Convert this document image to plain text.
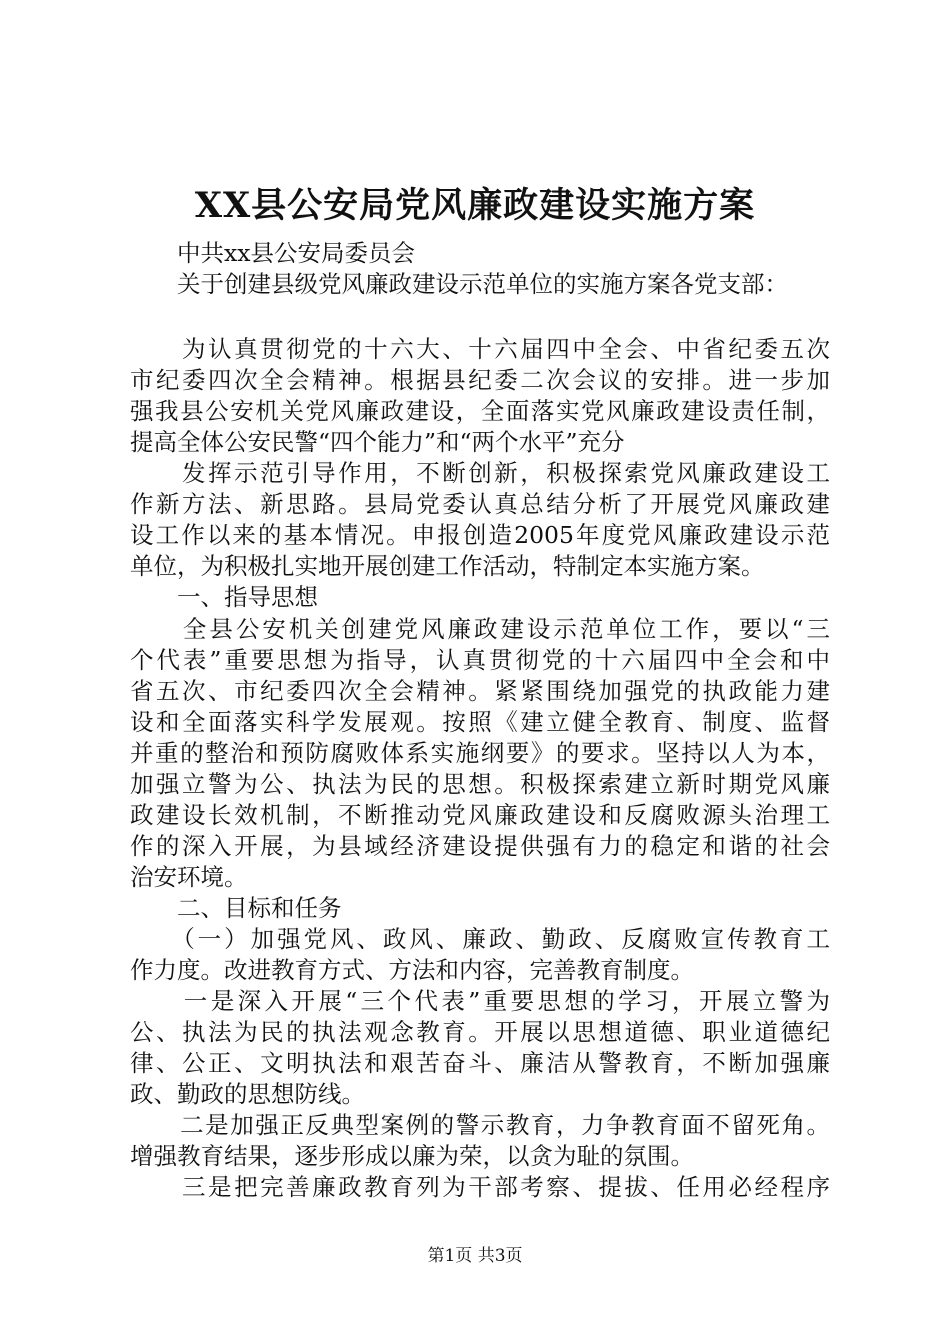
XX县公安局党风廉政建设实施方案
　　中共xx县公安局委员会
　　关于创建县级党风廉政建设示范单位的实施方案各党支部：
　　为认真贯彻党的十六大、十六届四中全会、中省纪委五次
市纪委四次全会精神。根据县纪委二次会议的安排。进一步加
强我县公安机关党风廉政建设，全面落实党风廉政建设责任制，
提高全体公安民警“四个能力”和“两个水平”充分
　　发挥示范引导作用，不断创新，积极探索党风廉政建设工
作新方法、新思路。县局党委认真总结分析了开展党风廉政建
设工作以来的基本情况。申报创造2005年度党风廉政建设示范
单位，为积极扎实地开展创建工作活动，特制定本实施方案。
　　一、指导思想
　　全县公安机关创建党风廉政建设示范单位工作，要以“三
个代表”重要思想为指导，认真贯彻党的十六届四中全会和中
省五次、市纪委四次全会精神。紧紧围绕加强党的执政能力建
设和全面落实科学发展观。按照《建立健全教育、制度、监督
并重的整治和预防腐败体系实施纲要》的要求。坚持以人为本，
加强立警为公、执法为民的思想。积极探索建立新时期党风廉
政建设长效机制，不断推动党风廉政建设和反腐败源头治理工
作的深入开展，为县域经济建设提供强有力的稳定和谐的社会
治安环境。
　　二、目标和任务
　　（一）加强党风、政风、廉政、勤政、反腐败宣传教育工
作力度。改进教育方式、方法和内容，完善教育制度。
　　一是深入开展“三个代表”重要思想的学习，开展立警为
公、执法为民的执法观念教育。开展以思想道德、职业道德纪
律、公正、文明执法和艰苦奋斗、廉洁从警教育，不断加强廉
政、勤政的思想防线。
　　二是加强正反典型案例的警示教育，力争教育面不留死角。
增强教育结果，逐步形成以廉为荣，以贪为耻的氛围。
　　三是把完善廉政教育列为干部考察、提拔、任用必经程序
第1页 共3页
